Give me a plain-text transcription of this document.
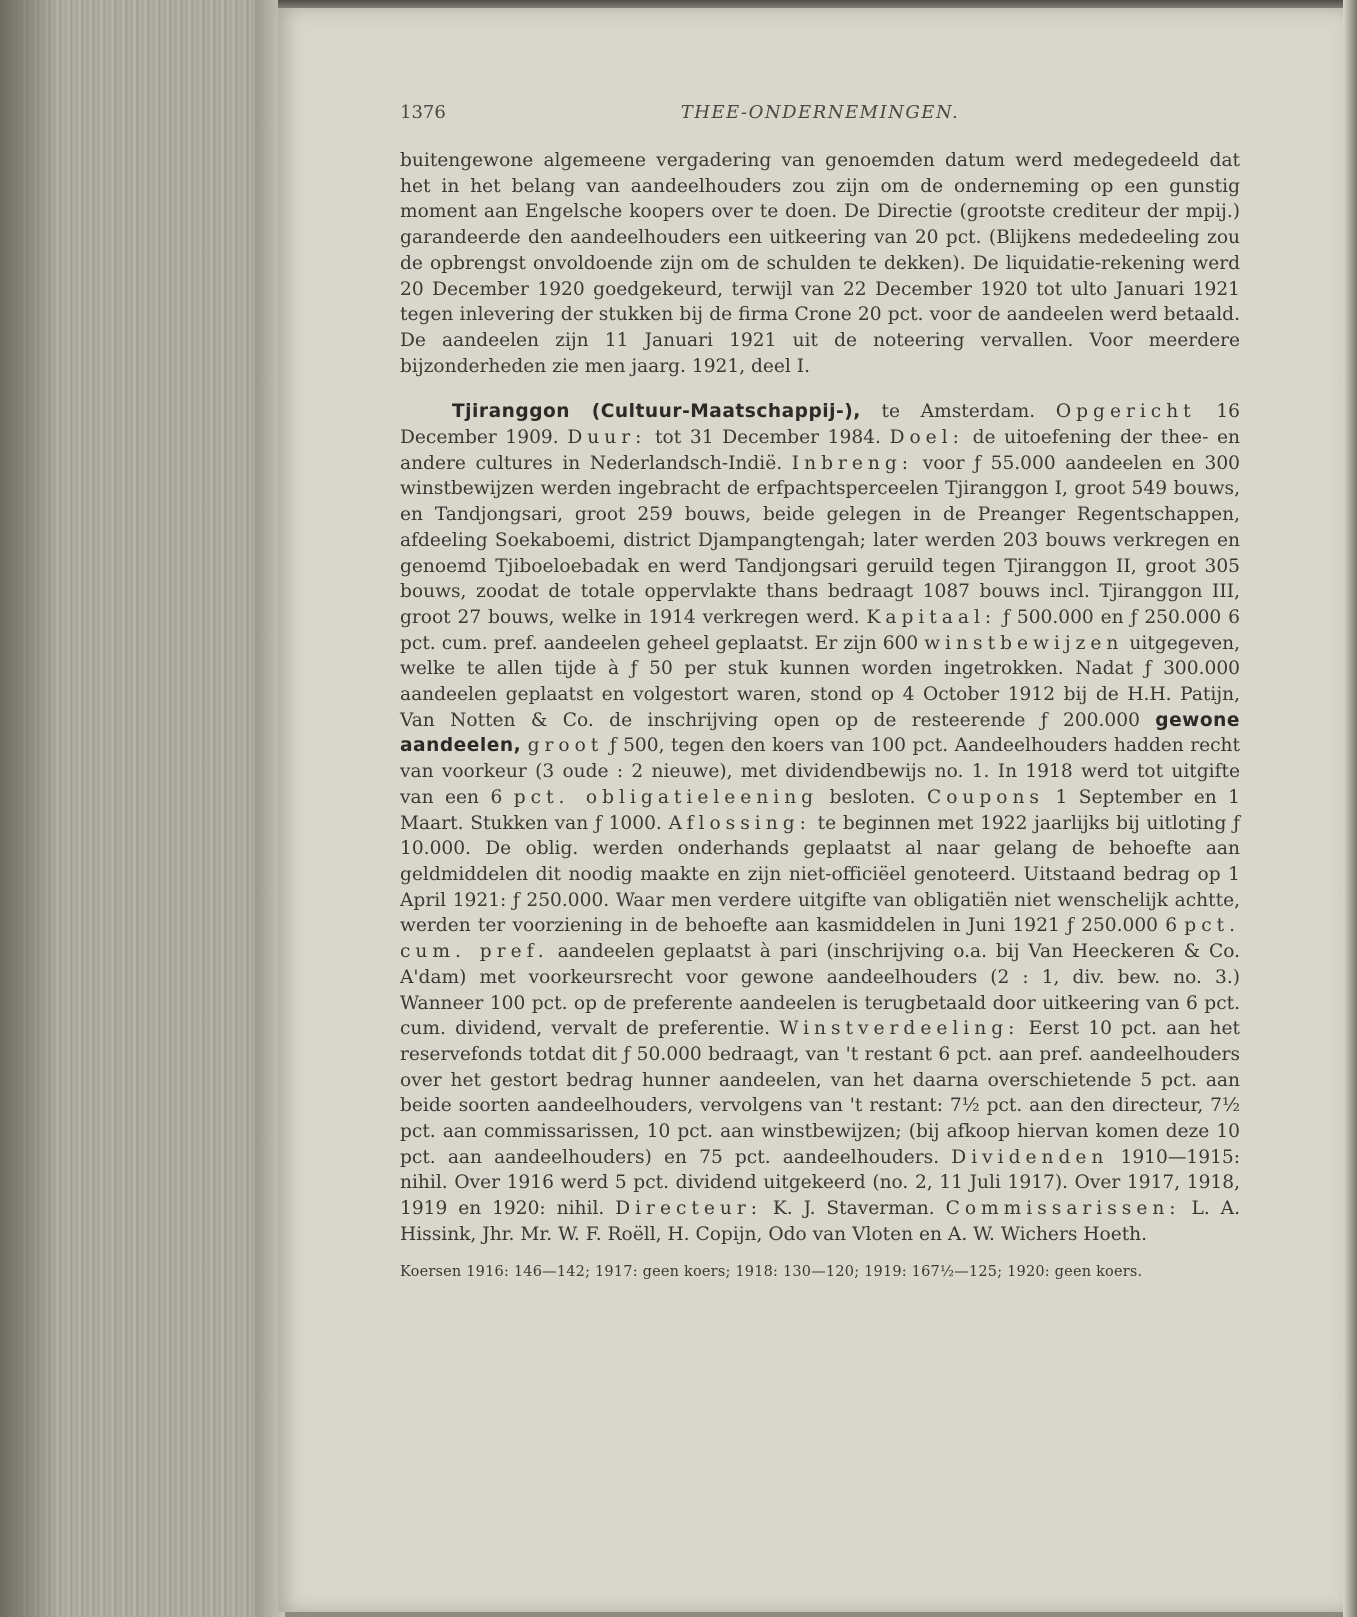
1376	THEE-ONDERNEMINGEN.

buitengewone algemeene vergadering van genoemden datum werd medegedeeld dat het in het belang van aandeelhouders zou zijn om de onderneming op een gunstig moment aan Engelsche koopers over te doen. De Directie (grootste crediteur der mpij.) garandeerde den aandeelhouders een uitkeering van 20 pct. (Blijkens mededeeling zou de opbrengst onvoldoende zijn om de schulden te dekken). De liquidatie-rekening werd 20 December 1920 goedgekeurd, terwijl van 22 December 1920 tot ulto Januari 1921 tegen inlevering der stukken bij de firma Crone 20 pct. voor de aandeelen werd betaald. De aandeelen zijn 11 Januari 1921 uit de noteering vervallen. Voor meerdere bijzonderheden zie men jaarg. 1921, deel I.

Tjiranggon (Cultuur-Maatschappij-), te Amsterdam. Opgericht 16 December 1909. Duur: tot 31 December 1984. Doel: de uitoefening der thee- en andere cultures in Nederlandsch-Indië. Inbreng: voor ƒ 55.000 aandeelen en 300 winstbewijzen werden ingebracht de erfpachtsperceelen Tjiranggon I, groot 549 bouws, en Tandjongsari, groot 259 bouws, beide gelegen in de Preanger Regentschappen, afdeeling Soekaboemi, district Djampangtengah; later werden 203 bouws verkregen en genoemd Tjiboeloebadak en werd Tandjongsari geruild tegen Tjiranggon II, groot 305 bouws, zoodat de totale oppervlakte thans bedraagt 1087 bouws incl. Tjiranggon III, groot 27 bouws, welke in 1914 verkregen werd. Kapitaal: ƒ 500.000 en ƒ 250.000 6 pct. cum. pref. aandeelen geheel geplaatst. Er zijn 600 winstbewijzen uitgegeven, welke te allen tijde à ƒ 50 per stuk kunnen worden ingetrokken. Nadat ƒ 300.000 aandeelen geplaatst en volgestort waren, stond op 4 October 1912 bij de H.H. Patijn, Van Notten & Co. de inschrijving open op de resteerende ƒ 200.000 gewone aandeelen, groot ƒ 500, tegen den koers van 100 pct. Aandeelhouders hadden recht van voorkeur (3 oude : 2 nieuwe), met dividendbewijs no. 1. In 1918 werd tot uitgifte van een 6 pct. obligatieleening besloten. Coupons 1 September en 1 Maart. Stukken van ƒ 1000. Aflossing: te beginnen met 1922 jaarlijks bij uitloting ƒ 10.000. De oblig. werden onderhands geplaatst al naar gelang de behoefte aan geldmiddelen dit noodig maakte en zijn niet-officiëel genoteerd. Uitstaand bedrag op 1 April 1921: ƒ 250.000. Waar men verdere uitgifte van obligatiën niet wenschelijk achtte, werden ter voorziening in de behoefte aan kasmiddelen in Juni 1921 ƒ 250.000 6 pct. cum. pref. aandeelen geplaatst à pari (inschrijving o.a. bij Van Heeckeren & Co. A'dam) met voorkeursrecht voor gewone aandeelhouders (2 : 1, div. bew. no. 3.) Wanneer 100 pct. op de preferente aandeelen is terugbetaald door uitkeering van 6 pct. cum. dividend, vervalt de preferentie. Winstverdeeling: Eerst 10 pct. aan het reservefonds totdat dit ƒ 50.000 bedraagt, van 't restant 6 pct. aan pref. aandeelhouders over het gestort bedrag hunner aandeelen, van het daarna overschietende 5 pct. aan beide soorten aandeelhouders, vervolgens van 't restant: 7½ pct. aan den directeur, 7½ pct. aan commissarissen, 10 pct. aan winstbewijzen; (bij afkoop hiervan komen deze 10 pct. aan aandeelhouders) en 75 pct. aandeelhouders. Dividenden 1910—1915: nihil. Over 1916 werd 5 pct. dividend uitgekeerd (no. 2, 11 Juli 1917). Over 1917, 1918, 1919 en 1920: nihil. Directeur: K. J. Staverman. Commissarissen: L. A. Hissink, Jhr. Mr. W. F. Roëll, H. Copijn, Odo van Vloten en A. W. Wichers Hoeth.

Koersen 1916: 146—142; 1917: geen koers; 1918: 130—120; 1919: 167½—125; 1920: geen koers.
